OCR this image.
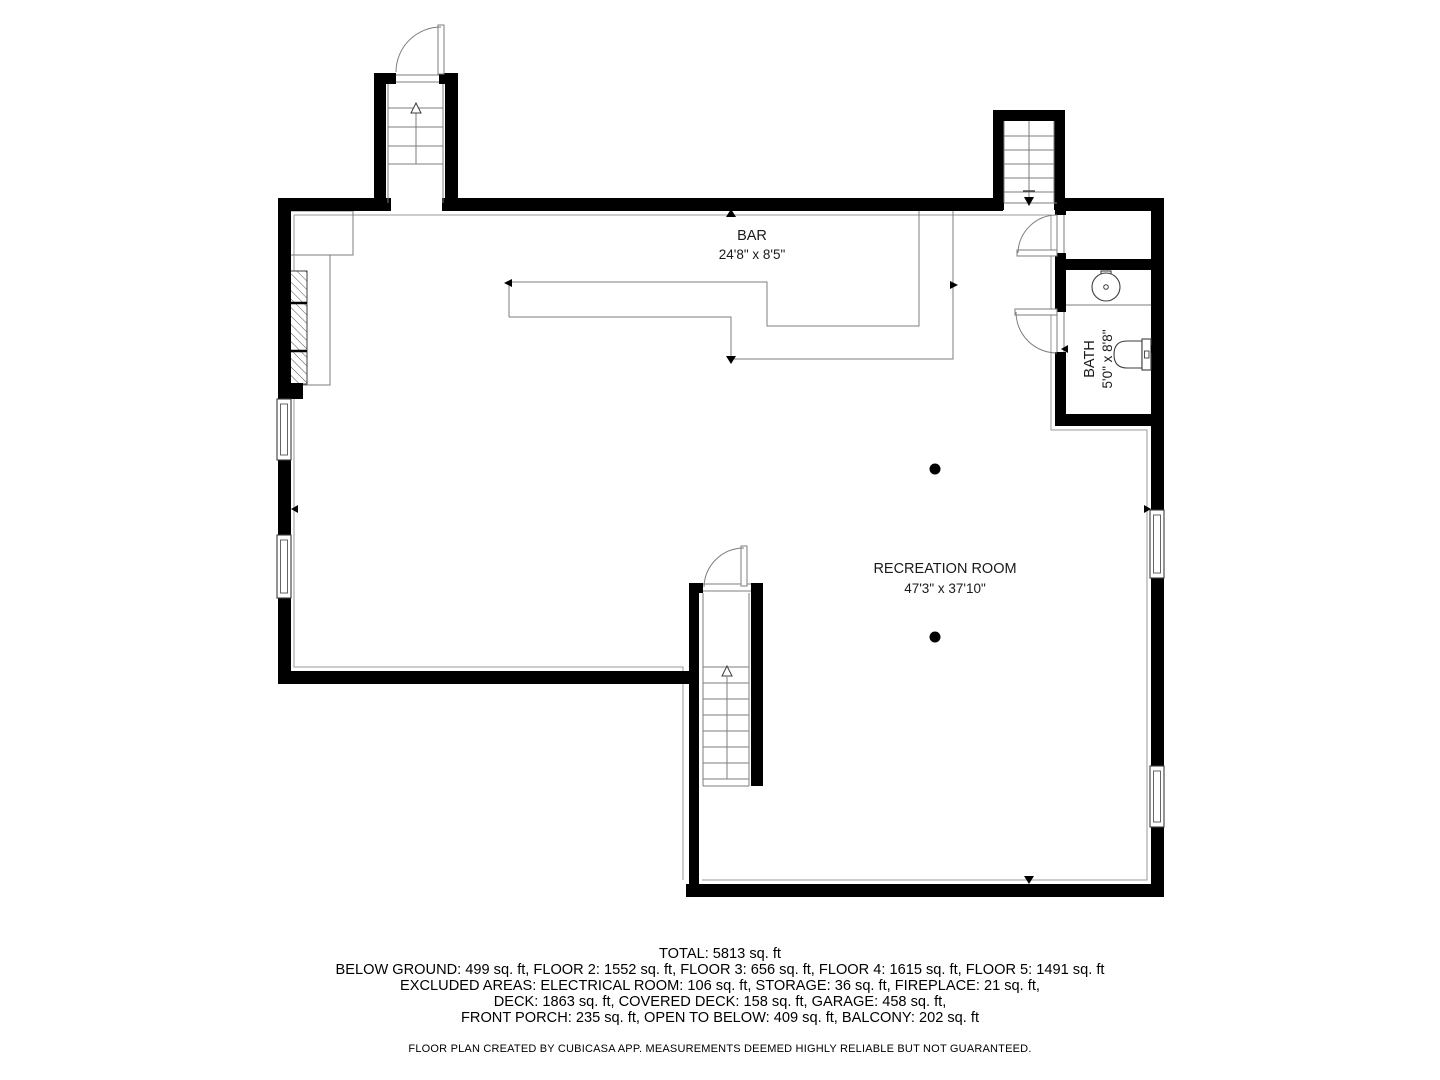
BAR
24'8" x 8'5"
RECREATION ROOM
47'3" x 37'10"
BATH 5'0" x 8'8"
TOTAL: 5813 sq. ft
BELOW GROUND: 499 sq. ft, FLOOR 2: 1552 sq. ft, FLOOR 3: 656 sq. ft, FLOOR 4: 1615 sq. ft, FLOOR 5: 1491 sq. ft
EXCLUDED AREAS: ELECTRICAL ROOM: 106 sq. ft, STORAGE: 36 sq. ft, FIREPLACE: 21 sq. ft,
DECK: 1863 sq. ft, COVERED DECK: 158 sq. ft, GARAGE: 458 sq. ft,
FRONT PORCH: 235 sq. ft, OPEN TO BELOW: 409 sq. ft, BALCONY: 202 sq. ft
FLOOR PLAN CREATED BY CUBICASA APP. MEASUREMENTS DEEMED HIGHLY RELIABLE BUT NOT GUARANTEED.
